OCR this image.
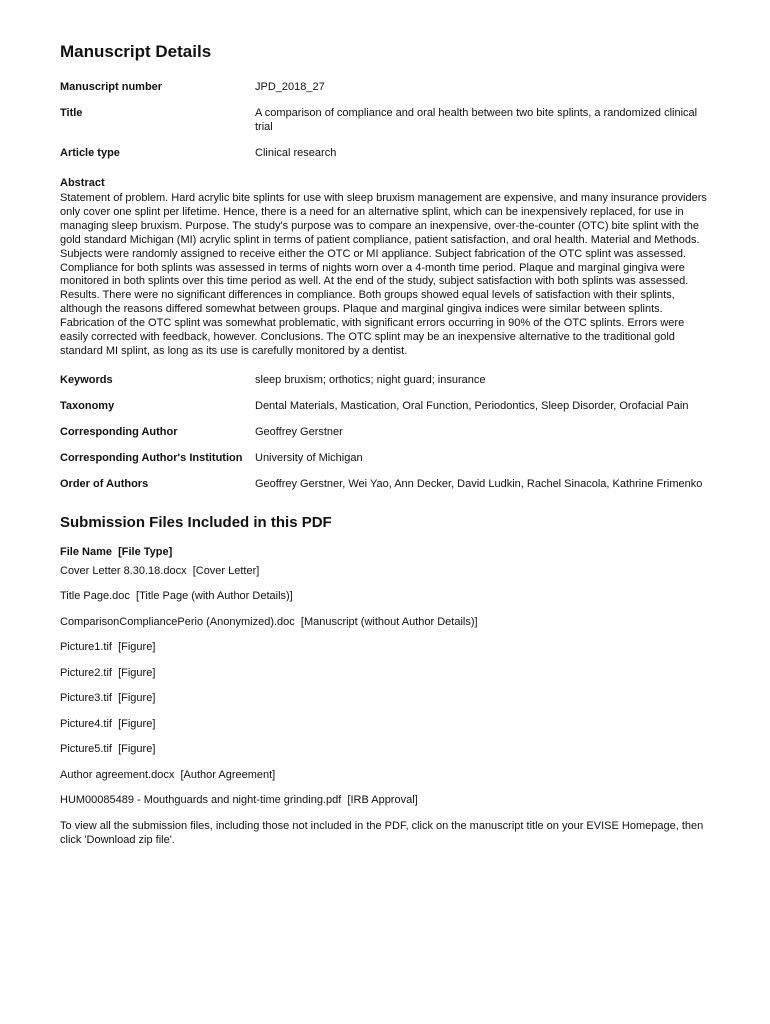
Manuscript Details
Manuscript number	JPD_2018_27
Title	A comparison of compliance and oral health between two bite splints, a randomized clinical trial
Article type	Clinical research
Abstract

Statement of problem. Hard acrylic bite splints for use with sleep bruxism management are expensive, and many insurance providers only cover one splint per lifetime. Hence, there is a need for an alternative splint, which can be inexpensively replaced, for use in managing sleep bruxism. Purpose. The study's purpose was to compare an inexpensive, over-the-counter (OTC) bite splint with the gold standard Michigan (MI) acrylic splint in terms of patient compliance, patient satisfaction, and oral health. Material and Methods. Subjects were randomly assigned to receive either the OTC or MI appliance. Subject fabrication of the OTC splint was assessed. Compliance for both splints was assessed in terms of nights worn over a 4-month time period. Plaque and marginal gingiva were monitored in both splints over this time period as well. At the end of the study, subject satisfaction with both splints was assessed. Results. There were no significant differences in compliance. Both groups showed equal levels of satisfaction with their splints, although the reasons differed somewhat between groups. Plaque and marginal gingiva indices were similar between splints. Fabrication of the OTC splint was somewhat problematic, with significant errors occurring in 90% of the OTC splints. Errors were easily corrected with feedback, however. Conclusions. The OTC splint may be an inexpensive alternative to the traditional gold standard MI splint, as long as its use is carefully monitored by a dentist.

Keywords	sleep bruxism; orthotics; night guard; insurance
Taxonomy	Dental Materials, Mastication, Oral Function, Periodontics, Sleep Disorder, Orofacial Pain
Corresponding Author	Geoffrey Gerstner
Corresponding Author's Institution	University of Michigan
Order of Authors	Geoffrey Gerstner, Wei Yao, Ann Decker, David Ludkin, Rachel Sinacola, Kathrine Frimenko
Submission Files Included in this PDF
File Name  [File Type]
Cover Letter 8.30.18.docx  [Cover Letter]
Title Page.doc  [Title Page (with Author Details)]
ComparisonCompliancePerio (Anonymized).doc  [Manuscript (without Author Details)]
Picture1.tif  [Figure]
Picture2.tif  [Figure]
Picture3.tif  [Figure]
Picture4.tif  [Figure]
Picture5.tif  [Figure]
Author agreement.docx  [Author Agreement]
HUM00085489 - Mouthguards and night-time grinding.pdf  [IRB Approval]

To view all the submission files, including those not included in the PDF, click on the manuscript title on your EVISE Homepage, then click 'Download zip file'.
